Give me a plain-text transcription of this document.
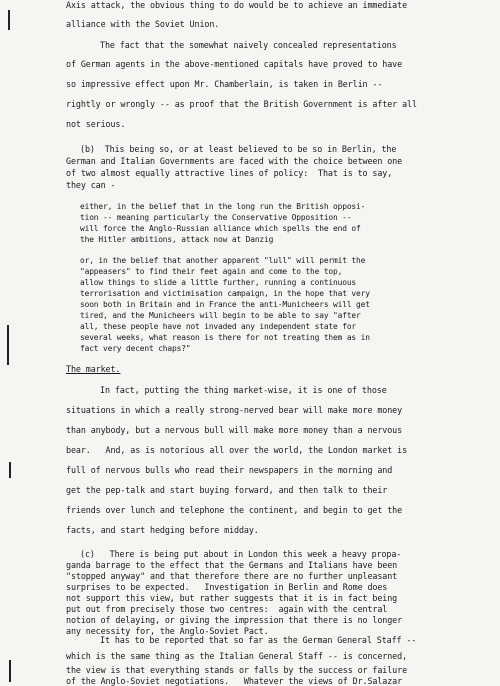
Axis attack, the obvious thing to do would be to achieve an immediate
alliance with the Soviet Union.
The fact that the somewhat naively concealed representations
of German agents in the above-mentioned capitals have proved to have
so impressive effect upon Mr. Chamberlain, is taken in Berlin --
rightly or wrongly -- as proof that the British Government is after all
not serious.
(b)  This being so, or at least believed to be so in Berlin, the
German and Italian Governments are faced with the choice between one
of two almost equally attractive lines of policy:  That is to say,
they can -
either, in the belief that in the long run the British opposi-
tion -- meaning particularly the Conservative Opposition --
will force the Anglo-Russian alliance which spells the end of
the Hitler ambitions, attack now at Danzig
or, in the belief that another apparent "lull" will permit the
"appeasers" to find their feet again and come to the top,
allow things to slide a little further, running a continuous
terrorisation and victimisation campaign, in the hope that very
soon both in Britain and in France the anti-Municheers will get
tired, and the Municheers will begin to be able to say "after
all, these people have not invaded any independent state for
several weeks, what reason is there for not treating them as in
fact very decent chaps?"
The market.
In fact, putting the thing market-wise, it is one of those
situations in which a really strong-nerved bear will make more money
than anybody, but a nervous bull will make more money than a nervous
bear.   And, as is notorious all over the world, the London market is
full of nervous bulls who read their newspapers in the morning and
get the pep-talk and start buying forward, and then talk to their
friends over lunch and telephone the continent, and begin to get the
facts, and start hedging before midday.
(c)   There is being put about in London this week a heavy propa-
ganda barrage to the effect that the Germans and Italians have been
"stopped anyway" and that therefore there are no further unpleasant
surprises to be expected.   Investigation in Berlin and Rome does
not support this view, but rather suggests that it is in fact being
put out from precisely those two centres:  again with the central
notion of delaying, or giving the impression that there is no longer
any necessity for, the Anglo-Soviet Pact.
It has to be reported that so far as the German General Staff --
which is the same thing as the Italian General Staff -- is concerned,
the view is that everything stands or falls by the success or failure
of the Anglo-Soviet negotiations.   Whatever the views of Dr.Salazar
